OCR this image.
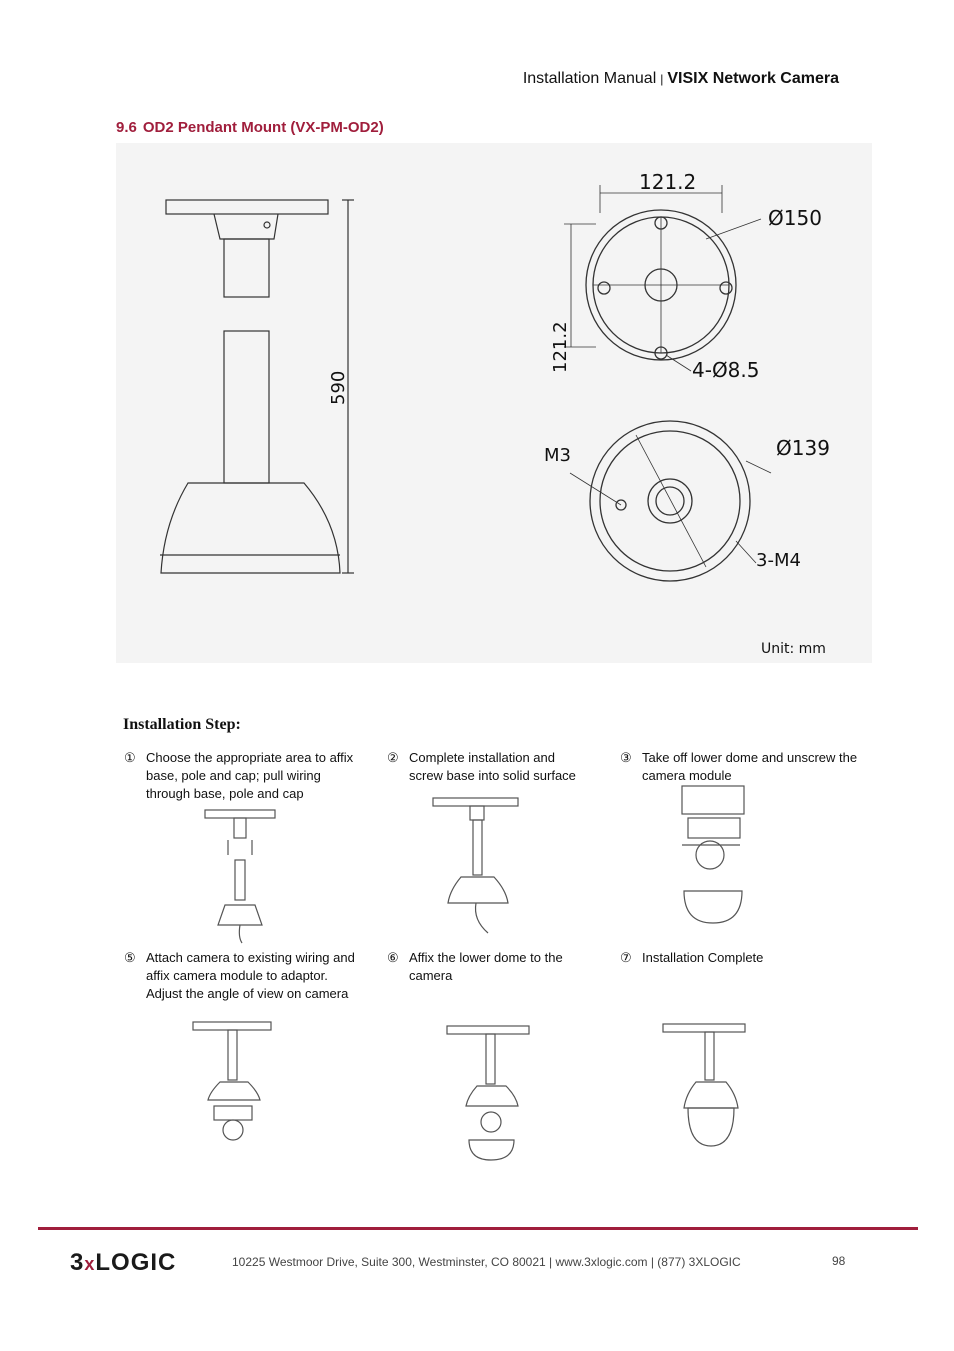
Installation Manual | VISIX Network Camera
9.6 OD2 Pendant Mount (VX-PM-OD2)
590
121.2
Ø150
121.2	4-Ø8.5
M3	Ø139
3-M4
Unit: mm
Installation Step:
① Choose the appropriate area to affix
base, pole and cap; pull wiring
through base, pole and cap
② Complete installation and
screw base into solid surface
③ Take off lower dome and unscrew the
camera module
⑤ Attach camera to existing wiring and
affix camera module to adaptor.
Adjust the angle of view on camera
⑥ Affix the lower dome to the
camera
⑦ Installation Complete
3xLOGIC	10225 Westmoor Drive, Suite 300, Westminster, CO 80021 | www.3xlogic.com | (877) 3XLOGIC	98
